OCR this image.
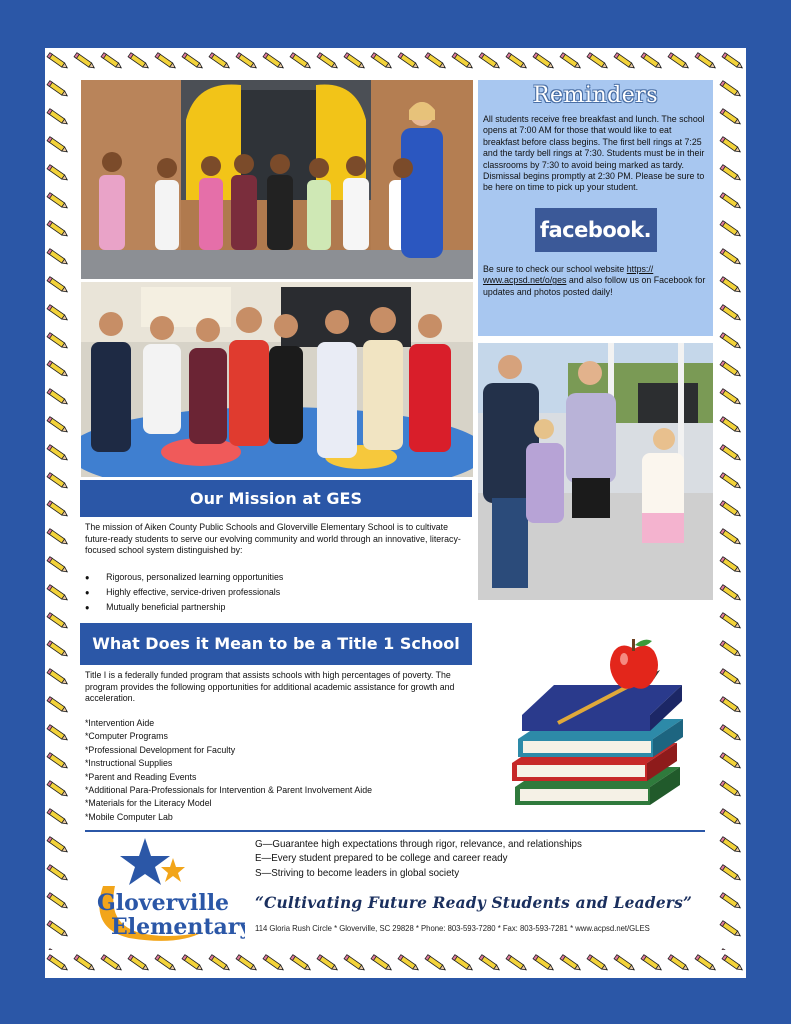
Reminders
All students receive free breakfast and lunch. The school opens at 7:00 AM for those that would like to eat breakfast before class begins. The first bell rings at 7:25 and the tardy bell rings at 7:30. Students must be in their classrooms by 7:30 to avoid being marked as tardy. Dismissal begins promptly at 2:30 PM. Please be sure to be here on time to pick up your student.
facebook.
Be sure to check our school website https:// www.acpsd.net/o/ges and also follow us on Facebook for updates and photos posted daily!
Our Mission at GES
The mission of Aiken County Public Schools and Gloverville Elementary School is to cultivate future-ready students to serve our evolving community and world through an innovative, literacy-focused school system distinguished by:
● Rigorous, personalized learning opportunities
● Highly effective, service-driven professionals
● Mutually beneficial partnership
What Does it Mean to be a Title 1 School
Title I is a federally funded program that assists schools with high percentages of poverty. The program provides the following opportunities for additional academic assistance for growth and acceleration.
*Intervention Aide
*Computer Programs
*Professional Development for Faculty
*Instructional Supplies
*Parent and Reading Events
*Additional Para-Professionals for Intervention & Parent Involvement Aide
*Materials for the Literacy Model
*Mobile Computer Lab
Gloverville
Elementary
G—Guarantee high expectations through rigor, relevance, and relationships
E—Every student prepared to be college and career ready
S—Striving to become leaders in global society
“Cultivating Future Ready Students and Leaders”
114 Gloria Rush Circle * Gloverville, SC 29828 * Phone: 803-593-7280 * Fax: 803-593-7281 * www.acpsd.net/GLES
